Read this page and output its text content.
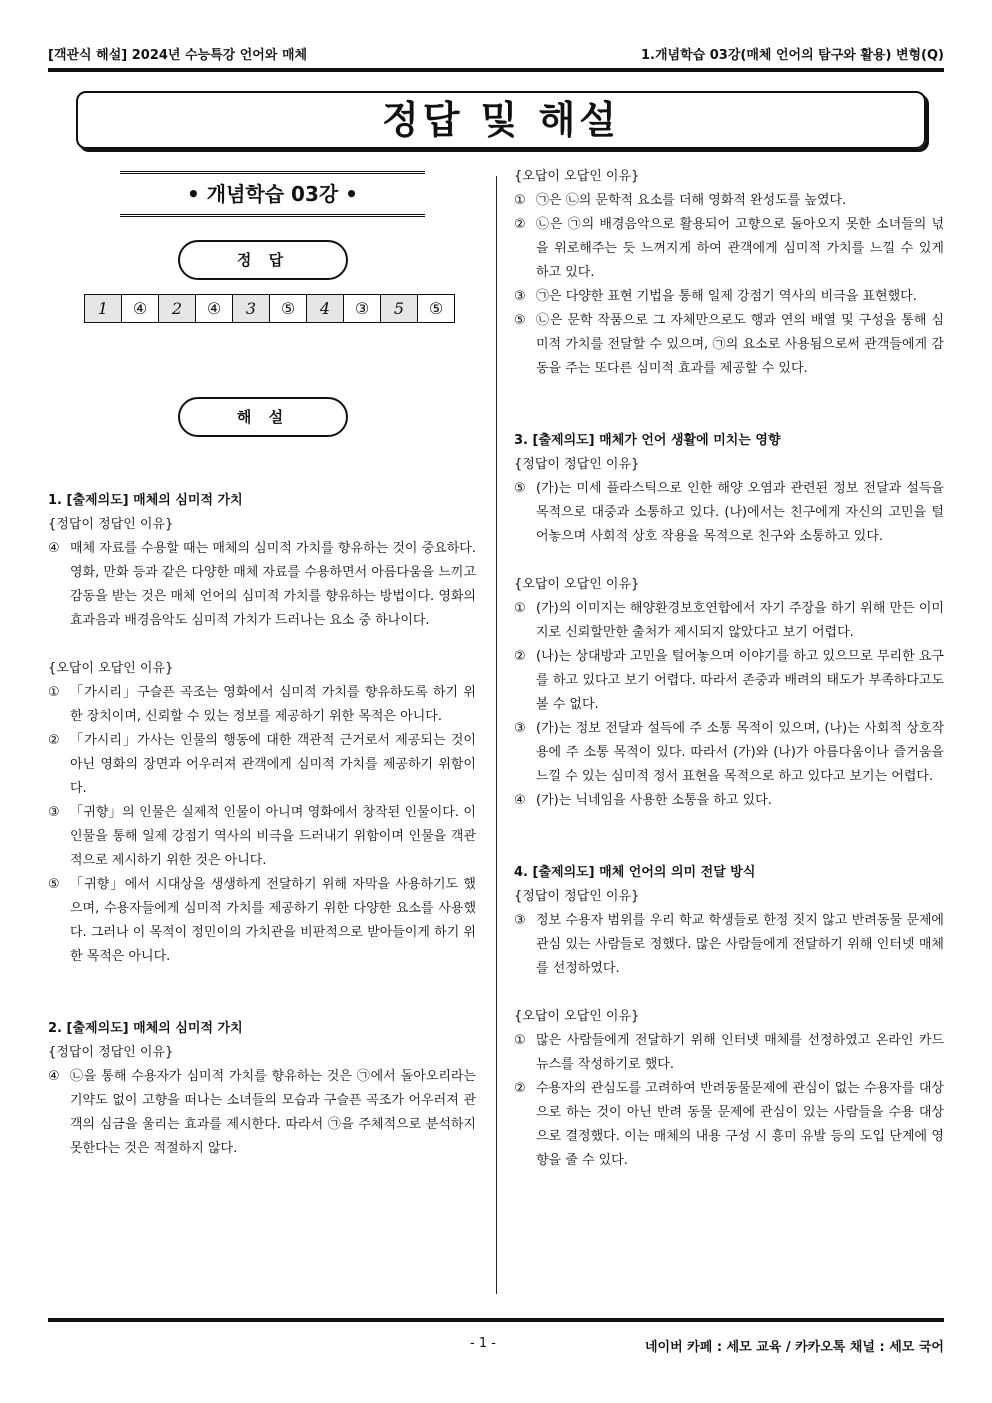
[객관식 해설] 2024년 수능특강 언어와 매체	1.개념학습 03강(매체 언어의 탐구와 활용) 변형(Q)
정답 및 해설
• 개념학습 03강 •
정 답
1	④	2	④	3	⑤	4	③	5	⑤
해 설

1. [출제의도] 매체의 심미적 가치

{정답이 정답인 이유}

④ 매체 자료를 수용할 때는 매체의 심미적 가치를 향유하는 것이 중요하다. 영화, 만화 등과 같은 다양한 매체 자료를 수용하면서 아름다움을 느끼고 감동을 받는 것은 매체 언어의 심미적 가치를 향유하는 방법이다. 영화의 효과음과 배경음악도 심미적 가치가 드러나는 요소 중 하나이다.

{오답이 오답인 이유}

① 「가시리」구슬픈 곡조는 영화에서 심미적 가치를 향유하도록 하기 위한 장치이며, 신뢰할 수 있는 정보를 제공하기 위한 목적은 아니다.
② 「가시리」가사는 인물의 행동에 대한 객관적 근거로서 제공되는 것이 아닌 영화의 장면과 어우러져 관객에게 심미적 가치를 제공하기 위함이다.
③ 「귀향」의 인물은 실제적 인물이 아니며 영화에서 창작된 인물이다. 이 인물을 통해 일제 강점기 역사의 비극을 드러내기 위함이며 인물을 객관적으로 제시하기 위한 것은 아니다.
⑤ 「귀향」에서 시대상을 생생하게 전달하기 위해 자막을 사용하기도 했으며, 수용자들에게 심미적 가치를 제공하기 위한 다양한 요소를 사용했다. 그러나 이 목적이 정민이의 가치관을 비판적으로 받아들이게 하기 위한 목적은 아니다.

2. [출제의도] 매체의 심미적 가치

{정답이 정답인 이유}

④ ㉡을 통해 수용자가 심미적 가치를 향유하는 것은 ㉠에서 돌아오리라는 기약도 없이 고향을 떠나는 소녀들의 모습과 구슬픈 곡조가 어우러져 관객의 심금을 울리는 효과를 제시한다. 따라서 ㉠을 주체적으로 분석하지 못한다는 것은 적절하지 않다.

{오답이 오답인 이유}

① ㉠은 ㉡의 문학적 요소를 더해 영화적 완성도를 높였다.
② ㉡은 ㉠의 배경음악으로 활용되어 고향으로 돌아오지 못한 소녀들의 넋을 위로해주는 듯 느껴지게 하여 관객에게 심미적 가치를 느낄 수 있게 하고 있다.
③ ㉠은 다양한 표현 기법을 통해 일제 강점기 역사의 비극을 표현했다.
⑤ ㉡은 문학 작품으로 그 자체만으로도 행과 연의 배열 및 구성을 통해 심미적 가치를 전달할 수 있으며, ㉠의 요소로 사용됨으로써 관객들에게 감동을 주는 또다른 심미적 효과를 제공할 수 있다.

3. [출제의도] 매체가 언어 생활에 미치는 영향

{정답이 정답인 이유}

⑤ (가)는 미세 플라스틱으로 인한 해양 오염과 관련된 정보 전달과 설득을 목적으로 대중과 소통하고 있다. (나)에서는 친구에게 자신의 고민을 털어놓으며 사회적 상호 작용을 목적으로 친구와 소통하고 있다.

{오답이 오답인 이유}

① (가)의 이미지는 해양환경보호연합에서 자기 주장을 하기 위해 만든 이미지로 신뢰할만한 출처가 제시되지 않았다고 보기 어렵다.
② (나)는 상대방과 고민을 털어놓으며 이야기를 하고 있으므로 무리한 요구를 하고 있다고 보기 어렵다. 따라서 존중과 배려의 태도가 부족하다고도 볼 수 없다.
③ (가)는 정보 전달과 설득에 주 소통 목적이 있으며, (나)는 사회적 상호작용에 주 소통 목적이 있다. 따라서 (가)와 (나)가 아름다움이나 즐거움을 느낄 수 있는 심미적 정서 표현을 목적으로 하고 있다고 보기는 어렵다.
④ (가)는 닉네임을 사용한 소통을 하고 있다.

4. [출제의도] 매체 언어의 의미 전달 방식

{정답이 정답인 이유}

③ 정보 수용자 범위를 우리 학교 학생들로 한정 짓지 않고 반려동물 문제에 관심 있는 사람들로 정했다. 많은 사람들에게 전달하기 위해 인터넷 매체를 선정하였다.

{오답이 오답인 이유}

① 많은 사람들에게 전달하기 위해 인터넷 매체를 선정하였고 온라인 카드 뉴스를 작성하기로 했다.
② 수용자의 관심도를 고려하여 반려동물문제에 관심이 없는 수용자를 대상으로 하는 것이 아닌 반려 동물 문제에 관심이 있는 사람들을 수용 대상으로 결정했다. 이는 매체의 내용 구성 시 흥미 유발 등의 도입 단계에 영향을 줄 수 있다.
- 1 -	네이버 카페 : 세모 교육 / 카카오톡 채널 : 세모 국어
